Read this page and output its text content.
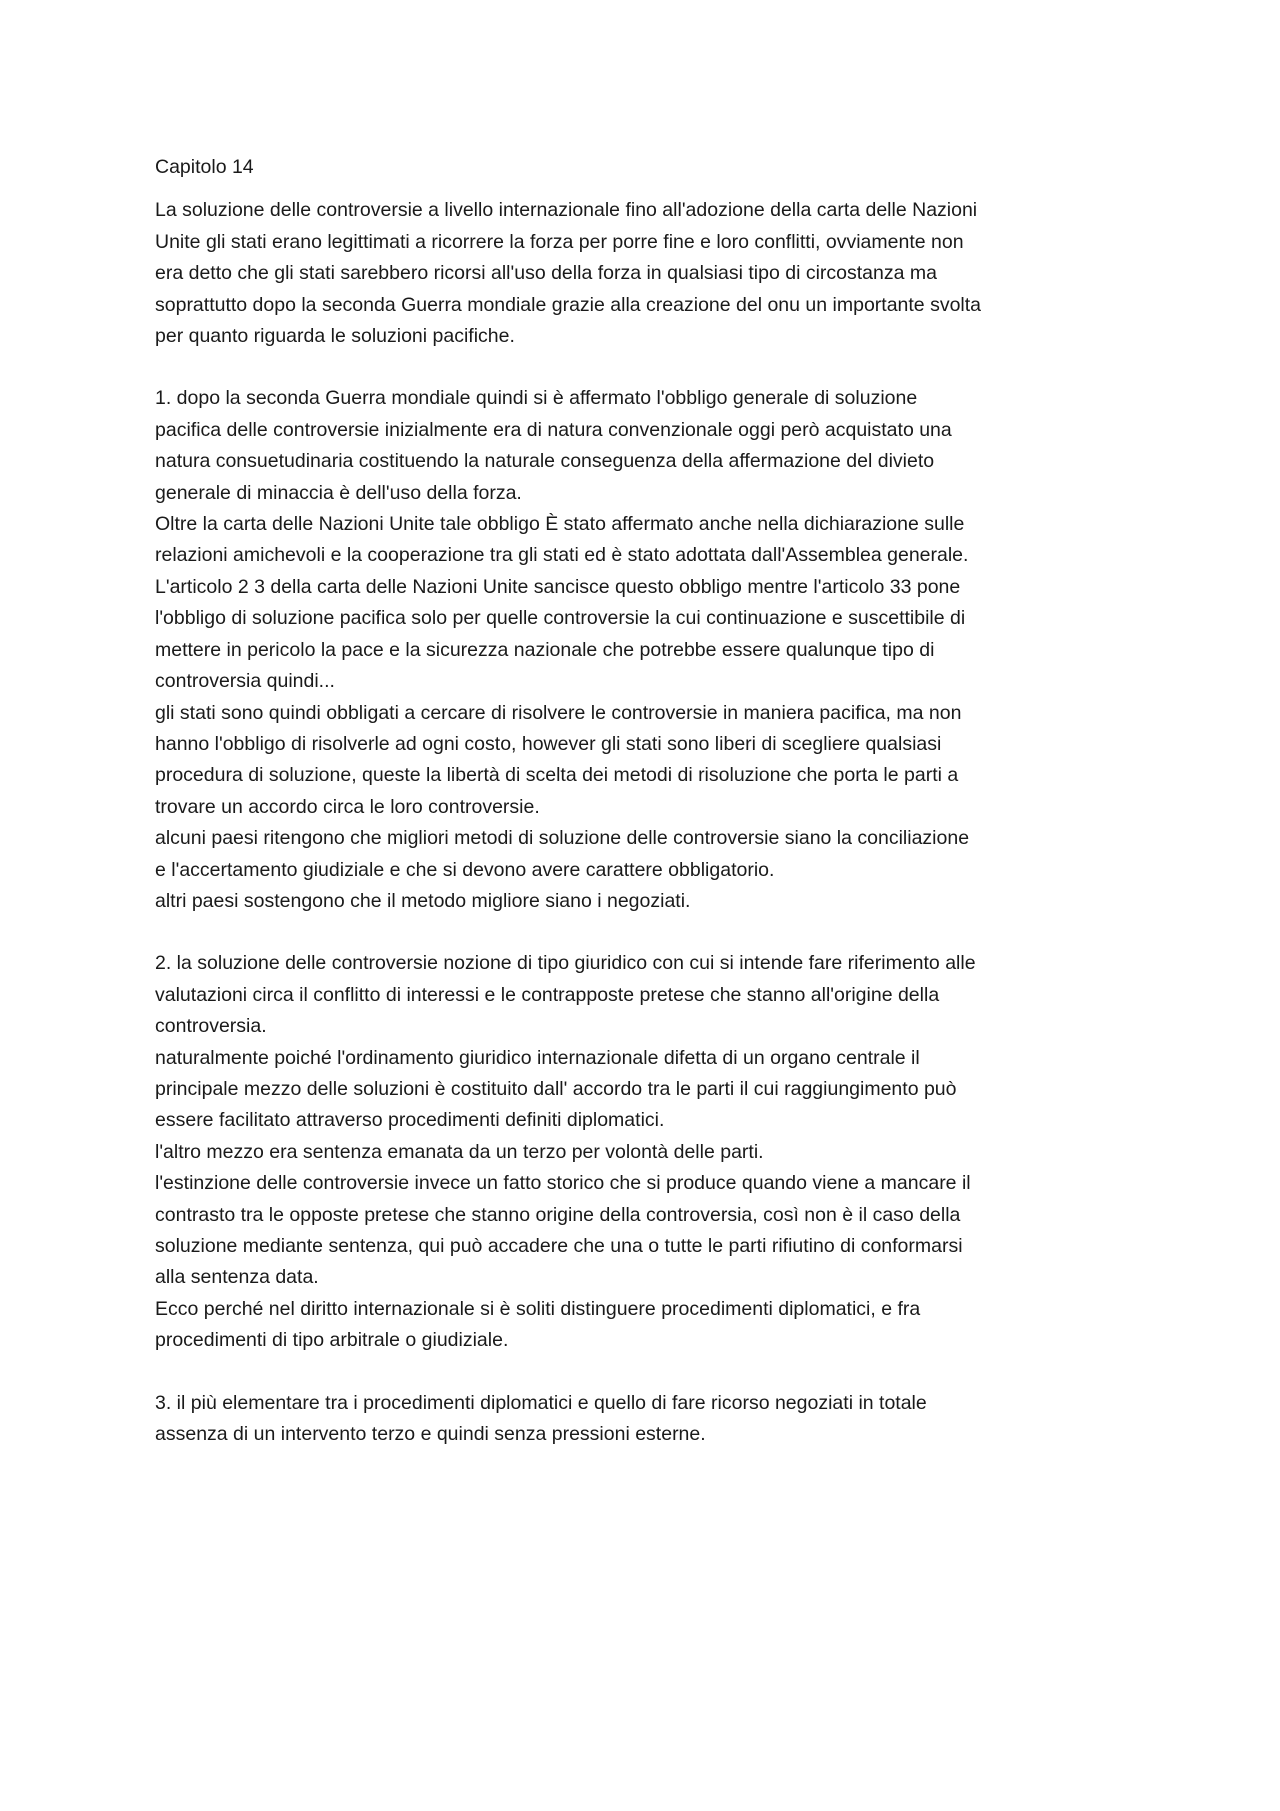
Capitolo 14
La soluzione delle controversie a livello internazionale fino all'adozione della carta delle Nazioni
Unite gli stati erano legittimati a ricorrere la forza per porre fine e loro conflitti, ovviamente non
era detto che gli stati sarebbero ricorsi all'uso della forza in qualsiasi tipo di circostanza ma
soprattutto dopo la seconda Guerra mondiale grazie alla creazione del onu un importante svolta
per quanto riguarda le soluzioni pacifiche.
1. dopo la seconda Guerra mondiale quindi si è affermato l'obbligo generale di soluzione
pacifica delle controversie inizialmente era di natura convenzionale oggi però acquistato una
natura consuetudinaria costituendo la naturale conseguenza della affermazione del divieto
generale di minaccia è dell'uso della forza.
Oltre la carta delle Nazioni Unite tale obbligo È stato affermato anche nella dichiarazione sulle
relazioni amichevoli e la cooperazione tra gli stati ed è stato adottata dall'Assemblea generale.
L'articolo 2 3 della carta delle Nazioni Unite sancisce questo obbligo mentre l'articolo 33 pone
l'obbligo di soluzione pacifica solo per quelle controversie la cui continuazione e suscettibile di
mettere in pericolo la pace e la sicurezza nazionale che potrebbe essere qualunque tipo di
controversia quindi...
gli stati sono quindi obbligati a cercare di risolvere le controversie in maniera pacifica, ma non
hanno l'obbligo di risolverle ad ogni costo, however gli stati sono liberi di scegliere qualsiasi
procedura di soluzione, queste la libertà di scelta dei metodi di risoluzione che porta le parti a
trovare un accordo circa le loro controversie.
alcuni paesi ritengono che migliori metodi di soluzione delle controversie siano la conciliazione
e l'accertamento giudiziale e che si devono avere carattere obbligatorio.
altri paesi sostengono che il metodo migliore siano i negoziati.
2. la soluzione delle controversie nozione di tipo giuridico con cui si intende fare riferimento alle
valutazioni circa il conflitto di interessi e le contrapposte pretese che stanno all'origine della
controversia.
naturalmente poiché l'ordinamento giuridico internazionale difetta di un organo centrale il
principale mezzo delle soluzioni è costituito dall' accordo tra le parti il cui raggiungimento può
essere facilitato attraverso procedimenti definiti diplomatici.
l'altro mezzo era sentenza emanata da un terzo per volontà delle parti.
l'estinzione delle controversie invece un fatto storico che si produce quando viene a mancare il
contrasto tra le opposte pretese che stanno origine della controversia, così non è il caso della
soluzione mediante sentenza, qui può accadere che una o tutte le parti rifiutino di conformarsi
alla sentenza data.
Ecco perché nel diritto internazionale si è soliti distinguere procedimenti diplomatici, e fra
procedimenti di tipo arbitrale o giudiziale.
3. il più elementare tra i procedimenti diplomatici e quello di fare ricorso negoziati in totale
assenza di un intervento terzo e quindi senza pressioni esterne.
